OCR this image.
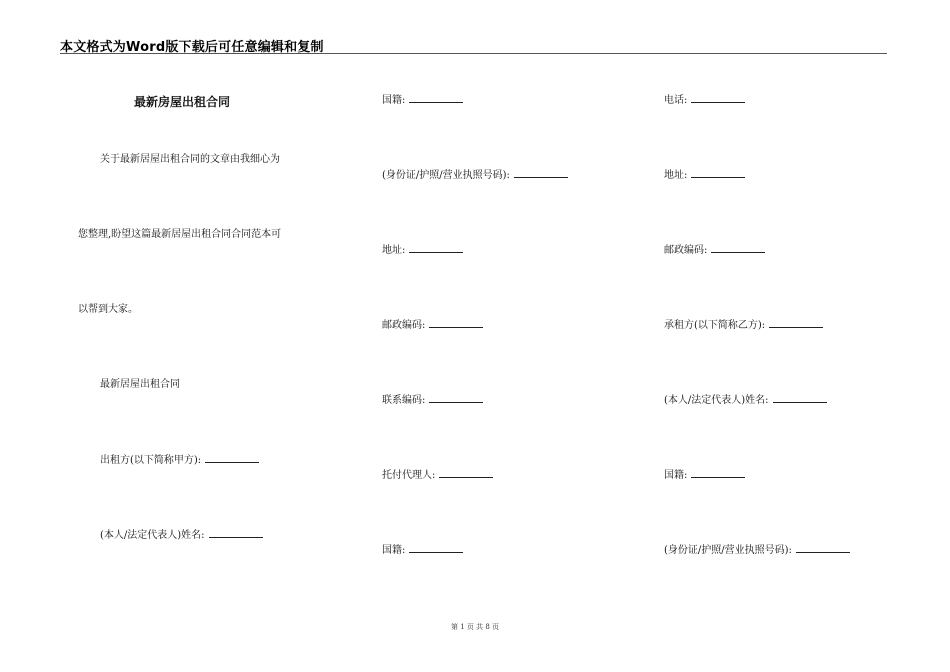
本文格式为Word版下载后可任意编辑和复制
最新房屋出租合同
关于最新居屋出租合同的文章由我细心为
您整理,盼望这篇最新居屋出租合同合同范本可
以帮到大家。
最新居屋出租合同
出租方(以下简称甲方):
(本人/法定代表人)姓名:
国籍:
(身份证/护照/营业执照号码):
地址:
邮政编码:
联系编码:
托付代理人:
国籍:
电话:
地址:
邮政编码:
承租方(以下简称乙方):
(本人/法定代表人)姓名:
国籍:
(身份证/护照/营业执照号码):
第 1 页 共 8 页
